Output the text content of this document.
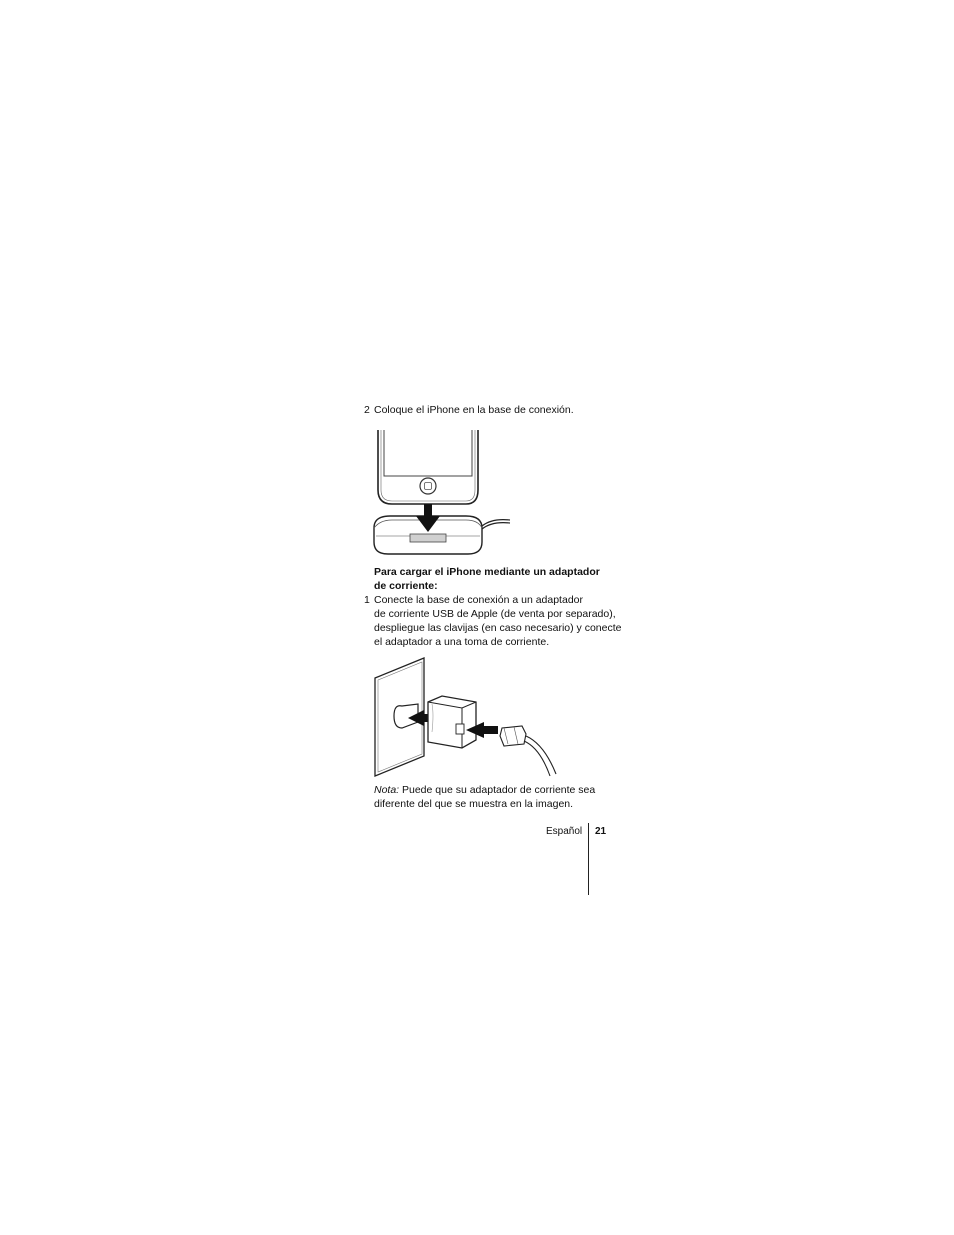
2 Coloque el iPhone en la base de conexión.
Para cargar el iPhone mediante un adaptador
de corriente:
1 Conecte la base de conexión a un adaptador
de corriente USB de Apple (de venta por separado),
despliegue las clavijas (en caso necesario) y conecte
el adaptador a una toma de corriente.
Nota: Puede que su adaptador de corriente sea
diferente del que se muestra en la imagen.
Español 21
